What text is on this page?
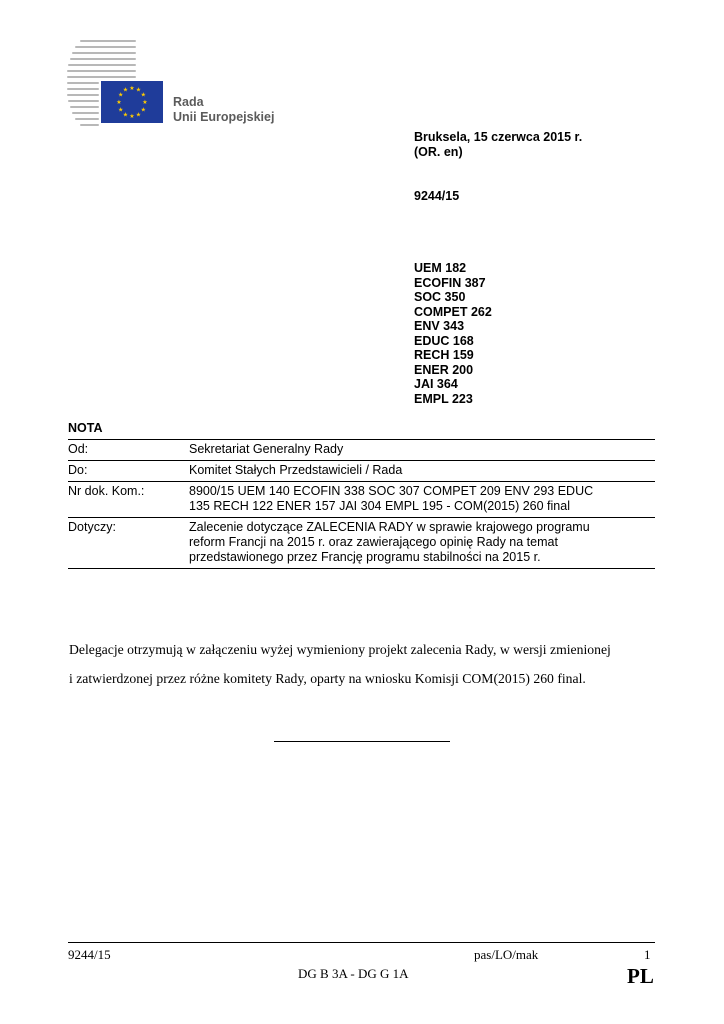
★ ★
★
★
★
★
★
★
★
★
★
★
Rada
Unii Europejskiej
Bruksela, 15 czerwca 2015 r.
(OR. en)
9244/15
UEM 182
ECOFIN 387
SOC 350
COMPET 262
ENV 343
EDUC 168
RECH 159
ENER 200
JAI 364
EMPL 223
NOTA
Od:	Sekretariat Generalny Rady
Do:	Komitet Stałych Przedstawicieli / Rada
Nr dok. Kom.:	8900/15 UEM 140 ECOFIN 338 SOC 307 COMPET 209 ENV 293 EDUC
135 RECH 122 ENER 157 JAI 304 EMPL 195 - COM(2015) 260 final
Dotyczy:	Zalecenie dotyczące ZALECENIA RADY w sprawie krajowego programu
reform Francji na 2015 r. oraz zawierającego opinię Rady na temat
przedstawionego przez Francję programu stabilności na 2015 r.
Delegacje otrzymują w załączeniu wyżej wymieniony projekt zalecenia Rady, w wersji zmienionej
i zatwierdzonej przez różne komitety Rady, oparty na wniosku Komisji COM(2015) 260 final.
9244/15	pas/LO/mak	1
DG B 3A - DG G 1A	PL
